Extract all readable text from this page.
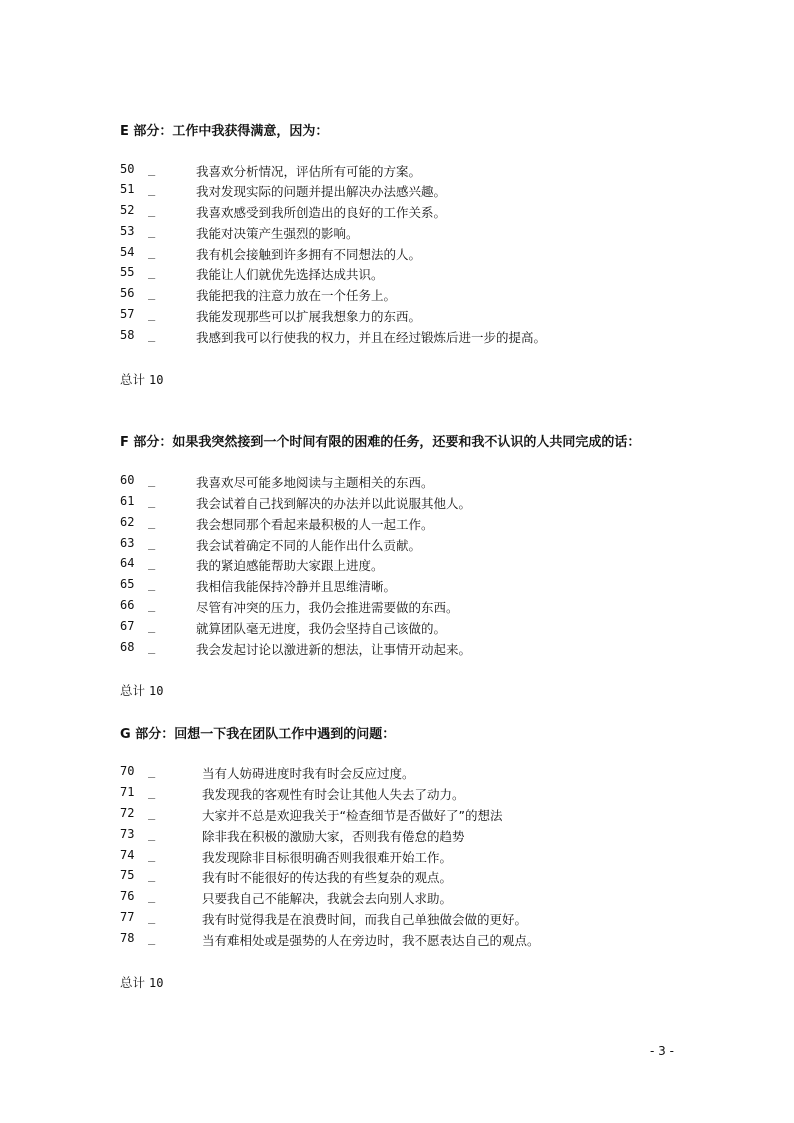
E 部分：工作中我获得满意，因为：
50	_	我喜欢分析情况，评估所有可能的方案。
51	_	我对发现实际的问题并提出解决办法感兴趣。
52	_	我喜欢感受到我所创造出的良好的工作关系。
53	_	我能对决策产生强烈的影响。
54	_	我有机会接触到许多拥有不同想法的人。
55	_	我能让人们就优先选择达成共识。
56	_	我能把我的注意力放在一个任务上。
57	_	我能发现那些可以扩展我想象力的东西。
58	_	我感到我可以行使我的权力，并且在经过锻炼后进一步的提高。
总计 10
F 部分：如果我突然接到一个时间有限的困难的任务，还要和我不认识的人共同完成的话：
60	_	我喜欢尽可能多地阅读与主题相关的东西。
61	_	我会试着自己找到解决的办法并以此说服其他人。
62	_	我会想同那个看起来最积极的人一起工作。
63	_	我会试着确定不同的人能作出什么贡献。
64	_	我的紧迫感能帮助大家跟上进度。
65	_	我相信我能保持冷静并且思维清晰。
66	_	尽管有冲突的压力，我仍会推进需要做的东西。
67	_	就算团队毫无进度，我仍会坚持自己该做的。
68	_	我会发起讨论以激进新的想法，让事情开动起来。
总计 10
G 部分：回想一下我在团队工作中遇到的问题：
70	_	当有人妨碍进度时我有时会反应过度。
71	_	我发现我的客观性有时会让其他人失去了动力。
72	_	大家并不总是欢迎我关于“检查细节是否做好了”的想法
73	_	除非我在积极的激励大家，否则我有倦怠的趋势
74	_	我发现除非目标很明确否则我很难开始工作。
75	_	我有时不能很好的传达我的有些复杂的观点。
76	_	只要我自己不能解决，我就会去向别人求助。
77	_	我有时觉得我是在浪费时间，而我自己单独做会做的更好。
78	_	当有难相处或是强势的人在旁边时，我不愿表达自己的观点。
总计 10
- 3 -
